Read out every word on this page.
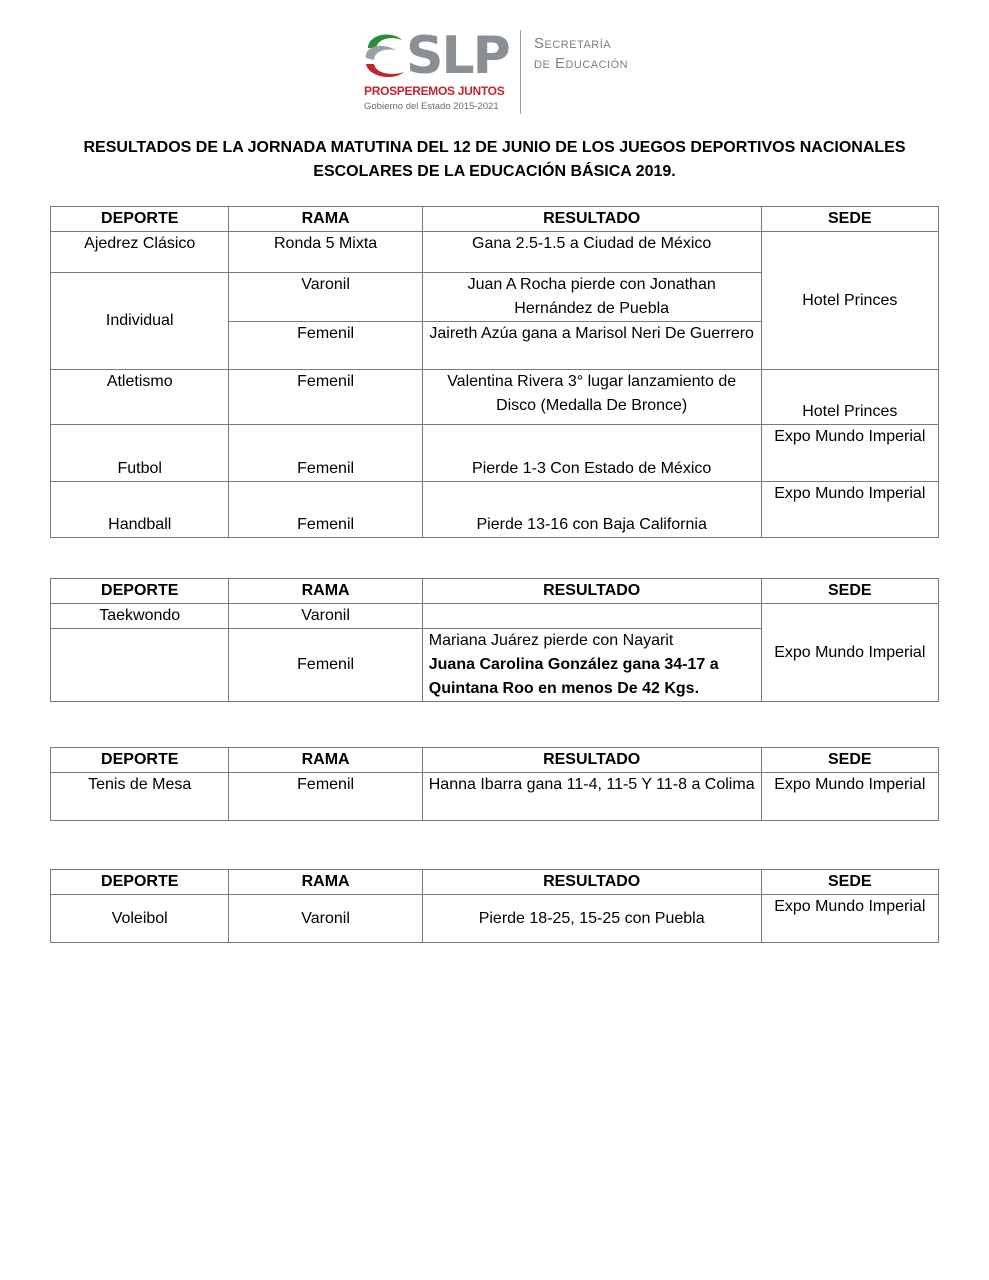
SLP
PROSPEREMOS JUNTOS
Gobierno del Estado 2015-2021
Secretaría
de Educación
RESULTADOS DE LA JORNADA MATUTINA DEL 12 DE JUNIO DE LOS JUEGOS DEPORTIVOS NACIONALES
ESCOLARES DE LA EDUCACIÓN BÁSICA 2019.
DEPORTE	RAMA	RESULTADO	SEDE
Ajedrez Clásico	Ronda 5 Mixta	Gana 2.5-1.5 a Ciudad de México	Hotel Princes
Individual	Varonil	Juan A Rocha pierde con Jonathan Hernández de Puebla	
	Femenil	Jaireth Azúa gana a Marisol Neri De Guerrero	
Atletismo	Femenil	Valentina Rivera 3° lugar lanzamiento de Disco (Medalla De Bronce)	Hotel Princes
Futbol	Femenil	Pierde 1-3 Con Estado de México	Expo Mundo Imperial
Handball	Femenil	Pierde 13-16 con Baja California	Expo Mundo Imperial
DEPORTE	RAMA	RESULTADO	SEDE
Taekwondo	Varonil		Expo Mundo Imperial
	Femenil	Mariana Juárez pierde con Nayarit
Juana Carolina González gana 34-17 a Quintana Roo en menos De 42 Kgs.	
DEPORTE	RAMA	RESULTADO	SEDE
Tenis de Mesa	Femenil	Hanna Ibarra gana 11-4, 11-5 Y 11-8 a Colima	Expo Mundo Imperial
DEPORTE	RAMA	RESULTADO	SEDE
Voleibol	Varonil	Pierde 18-25, 15-25 con Puebla	Expo Mundo Imperial
